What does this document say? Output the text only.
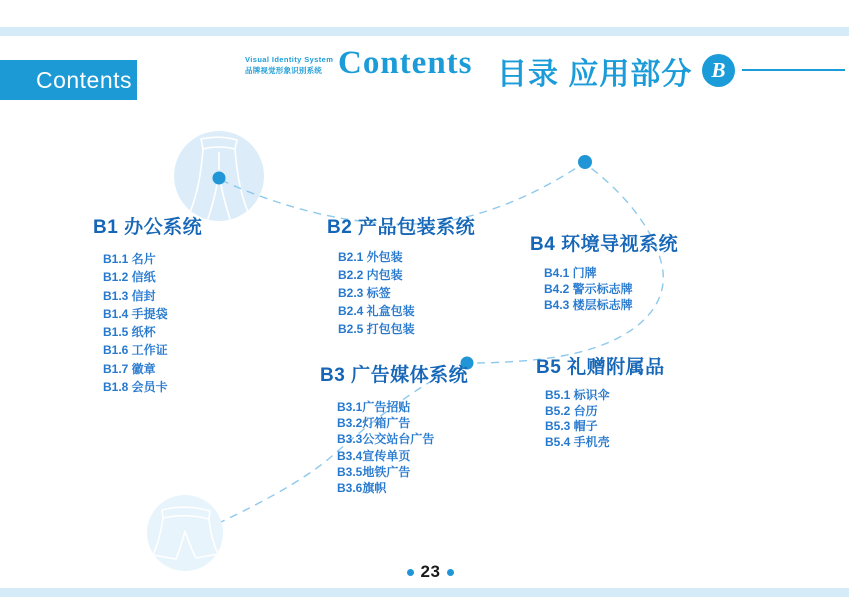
Contents
Visual Identity System
品牌视觉形象识别系统 Contents 目录 应用部分 B
B1 办公系统
B1.1 名片
B1.2 信纸
B1.3 信封
B1.4 手提袋
B1.5 纸杯
B1.6 工作证
B1.7 徽章
B1.8 会员卡
B2 产品包装系统
B2.1 外包装
B2.2 内包装
B2.3 标签
B2.4 礼盒包装
B2.5 打包包装
B4 环境导视系统
B4.1 门牌
B4.2 警示标志牌
B4.3 楼层标志牌
B3 广告媒体系统
B3.1广告招贴
B3.2灯箱广告
B3.3公交站台广告
B3.4宣传单页
B3.5地铁广告
B3.6旗帜
B5 礼赠附属品
B5.1 标识伞
B5.2 台历
B5.3 帽子
B5.4 手机壳
23
